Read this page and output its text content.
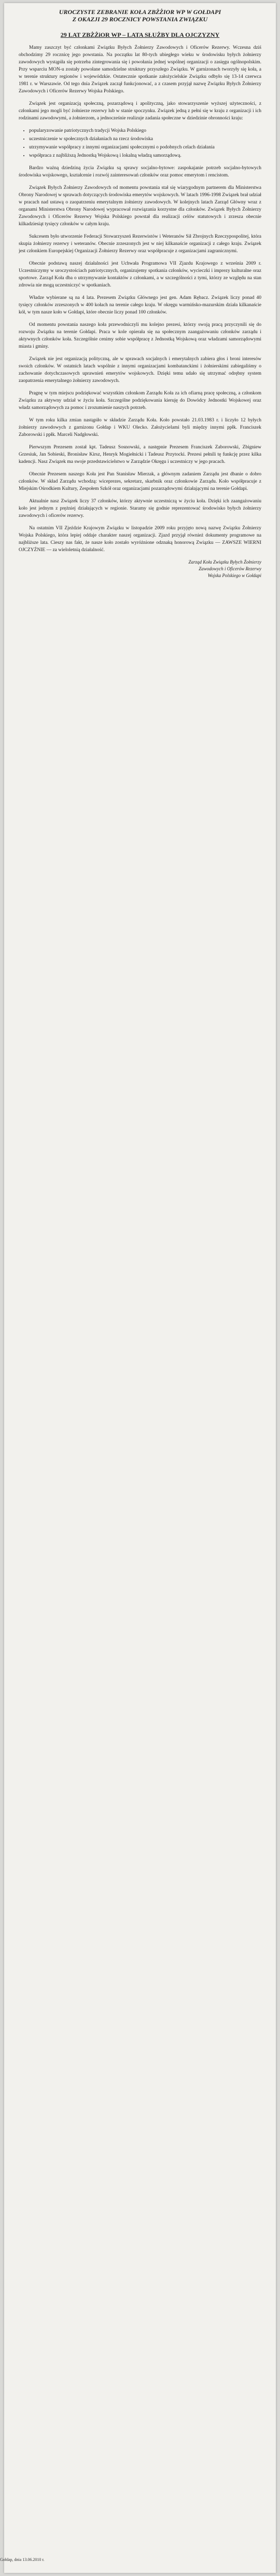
UROCZYSTE ZEBRANIE KOŁA ZBŻŻIOR WP W GOŁDAPI
Z OKAZJI 29 ROCZNICY POWSTANIA ZWIĄZKU
29 LAT ZBŻŻiOR WP – LATA SŁUŻBY DLA OJCZYZNY

Mamy zaszczyt być członkami Związku Byłych Żołnierzy Zawodowych i Oficerów Rezerwy. Wczesna dziś obchodzimy 29 rocznicę jego powstania. Na początku lat 80-tych ubiegłego wieku w środowisku byłych żołnierzy zawodowych wystąpiła się potrzeba zintegrowania się i powołania jednej wspólnej organizacji o zasięgu ogólnopolskim. Przy wsparciu MON-u zostały powołane samodzielne struktury przyszłego Związku. W garnizonach tworzyły się koła, a w terenie struktury regionów i wojewódzkie. Ostatecznie spotkanie założycielskie Związku odbyło się 13-14 czerwca 1981 r. w Warszawie. Od tego dnia Związek zaczął funkcjonować, a z czasem przyjął nazwę Związku Byłych Żołnierzy Zawodowych i Oficerów Rezerwy Wojska Polskiego.

Związek jest organizacją społeczną, pozarządową i apolityczną, jako stowarzyszenie wyższej użyteczności, z członkami jego mogli być żołnierze rezerwy lub w stanie spoczynku. Związek jedną z pełni się w kraju z organizacji i ich rodzinami zawodowymi, a żołnierzom, a jednocześnie realizuje zadania społeczne w dziedzinie obronności kraju:

• popularyzowanie patriotycznych tradycji Wojska Polskiego
• uczestniczenie w społecznych działaniach na rzecz środowiska
• utrzymywanie współpracy z innymi organizacjami społecznymi o podobnych celach działania
• współpraca z najbliższą Jednostką Wojskową i lokalną władzą samorządową.

Bardzo ważną dziedziną życia Związku są sprawy socjalno-bytowe: zaspokajanie potrzeb socjalno-bytowych środowiska wojskowego, kształcenie i rozwój zainteresowań członków oraz pomoc emerytom i rencistom.

Związek Byłych Żołnierzy Zawodowych od momentu powstania stał się wiarygodnym partnerem dla Ministerstwa Obrony Narodowej w sprawach dotyczących środowiska emerytów wojskowych. W latach 1996-1998 Związek brał udział w pracach nad ustawą o zaopatrzeniu emerytalnym żołnierzy zawodowych. W kolejnych latach Zarząd Główny wraz z organami Ministerstwa Obrony Narodowej wypracował rozwiązania korzystne dla członków. Związek Byłych Żołnierzy Zawodowych i Oficerów Rezerwy Wojska Polskiego powstał dla realizacji celów statutowych i zrzesza obecnie kilkadziesiąt tysięcy członków w całym kraju.

Sukcesem było utworzenie Federacji Stowarzyszeń Rezerwistów i Weteranów Sił Zbrojnych Rzeczypospolitej, która skupia żołnierzy rezerwy i weteranów. Obecnie zrzeszonych jest w niej kilkanaście organizacji z całego kraju. Związek jest członkiem Europejskiej Organizacji Żołnierzy Rezerwy oraz współpracuje z organizacjami zagranicznymi.

Obecnie podstawą naszej działalności jest Uchwała Programowa VII Zjazdu Krajowego z września 2009 r. Uczestniczymy w uroczystościach patriotycznych, organizujemy spotkania członków, wycieczki i imprezy kulturalne oraz sportowe. Zarząd Koła dba o utrzymywanie kontaktów z członkami, a w szczególności z tymi, którzy ze względu na stan zdrowia nie mogą uczestniczyć w spotkaniach.

Władze wybierane są na 4 lata. Prezesem Związku Głównego jest gen. Adam Rębacz. Związek liczy ponad 40 tysięcy członków zrzeszonych w 400 kołach na terenie całego kraju. W okręgu warmińsko-mazurskim działa kilkanaście kół, w tym nasze koło w Gołdapi, które obecnie liczy ponad 100 członków.

Od momentu powstania naszego koła przewodniczyli mu kolejno prezesi, którzy swoją pracą przyczynili się do rozwoju Związku na terenie Gołdapi. Praca w kole opierała się na społecznym zaangażowaniu członków zarządu i aktywnych członków koła. Szczególnie cenimy sobie współpracę z Jednostką Wojskową oraz władzami samorządowymi miasta i gminy.

Związek nie jest organizacją polityczną, ale w sprawach socjalnych i emerytalnych zabiera głos i broni interesów swoich członków. W ostatnich latach wspólnie z innymi organizacjami kombatanckimi i żołnierskimi zabiegaliśmy o zachowanie dotychczasowych uprawnień emerytów wojskowych. Dzięki temu udało się utrzymać odrębny system zaopatrzenia emerytalnego żołnierzy zawodowych.

Pragnę w tym miejscu podziękować wszystkim członkom Zarządu Koła za ich ofiarną pracę społeczną, a członkom Związku za aktywny udział w życiu koła. Szczególne podziękowania kieruję do Dowódcy Jednostki Wojskowej oraz władz samorządowych za pomoc i zrozumienie naszych potrzeb.

W tym roku kilka zmian nastąpiło w składzie Zarządu Koła. Koło powstało 21.03.1983 r. i liczyło 12 byłych żołnierzy zawodowych z garnizonu Gołdap i WKU Olecko. Założycielami byli między innymi ppłk. Franciszek Zaborowski i ppłk. Marceli Nadgłowski.

Pierwszym Prezesem został kpt. Tadeusz Sosnowski, a następnie Prezesem Franciszek Zaborowski, Zbigniew Grzesiuk, Jan Sobieski, Bronisław Kirsz, Henryk Mogiełnicki i Tadeusz Przytocki. Prezesi pełnili tę funkcję przez kilka kadencji. Nasz Związek ma swoje przedstawicielstwo w Zarządzie Okręgu i uczestniczy w jego pracach.

Obecnie Prezesem naszego Koła jest Pan Stanisław Mierzak, a głównym zadaniem Zarządu jest dbanie o dobro członków. W skład Zarządu wchodzą: wiceprezes, sekretarz, skarbnik oraz członkowie Zarządu. Koło współpracuje z Miejskim Ośrodkiem Kultury, Zespołem Szkół oraz organizacjami pozarządowymi działającymi na terenie Gołdapi.

Aktualnie nasz Związek liczy 37 członków, którzy aktywnie uczestniczą w życiu koła. Dzięki ich zaangażowaniu koło jest jednym z prężniej działających w regionie. Staramy się godnie reprezentować środowisko byłych żołnierzy zawodowych i oficerów rezerwy.

Na ostatnim VII Zjeździe Krajowym Związku w listopadzie 2009 roku przyjęto nową nazwę Związku Żołnierzy Wojska Polskiego, która lepiej oddaje charakter naszej organizacji. Zjazd przyjął również dokumenty programowe na najbliższe lata. Cieszy nas fakt, że nasze koło zostało wyróżnione odznaką honorową Związku — ZAWSZE WIERNI OJCZYŹNIE — za wieloletnią działalność.

Zarząd Koła Związku Byłych Żołnierzy
Zawodowych i Oficerów Rezerwy
Wojska Polskiego w Gołdapi
Gołdap, dnia 13.06.2010 r.
